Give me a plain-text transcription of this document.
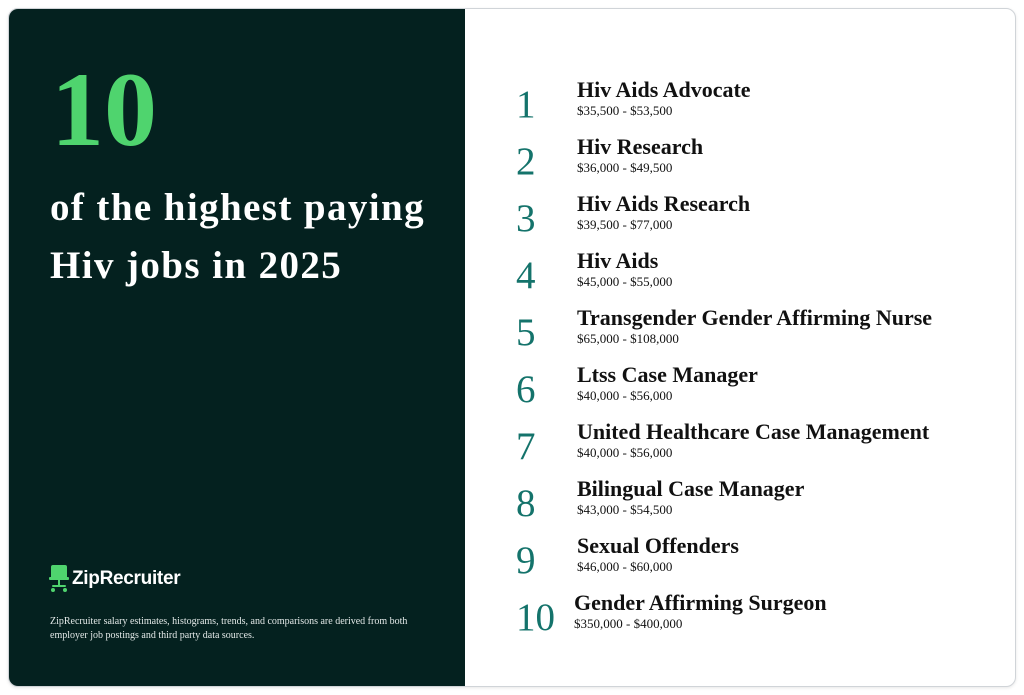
10
of the highest paying Hiv jobs in 2025
ZipRecruiter
ZipRecruiter salary estimates, histograms, trends, and comparisons are derived from both employer job postings and third party data sources.
1 Hiv Aids Advocate
$35,500 - $53,500
2 Hiv Research
$36,000 - $49,500
3 Hiv Aids Research
$39,500 - $77,000
4 Hiv Aids
$45,000 - $55,000
5 Transgender Gender Affirming Nurse
$65,000 - $108,000
6 Ltss Case Manager
$40,000 - $56,000
7 United Healthcare Case Management
$40,000 - $56,000
8 Bilingual Case Manager
$43,000 - $54,500
9 Sexual Offenders
$46,000 - $60,000
10 Gender Affirming Surgeon
$350,000 - $400,000
